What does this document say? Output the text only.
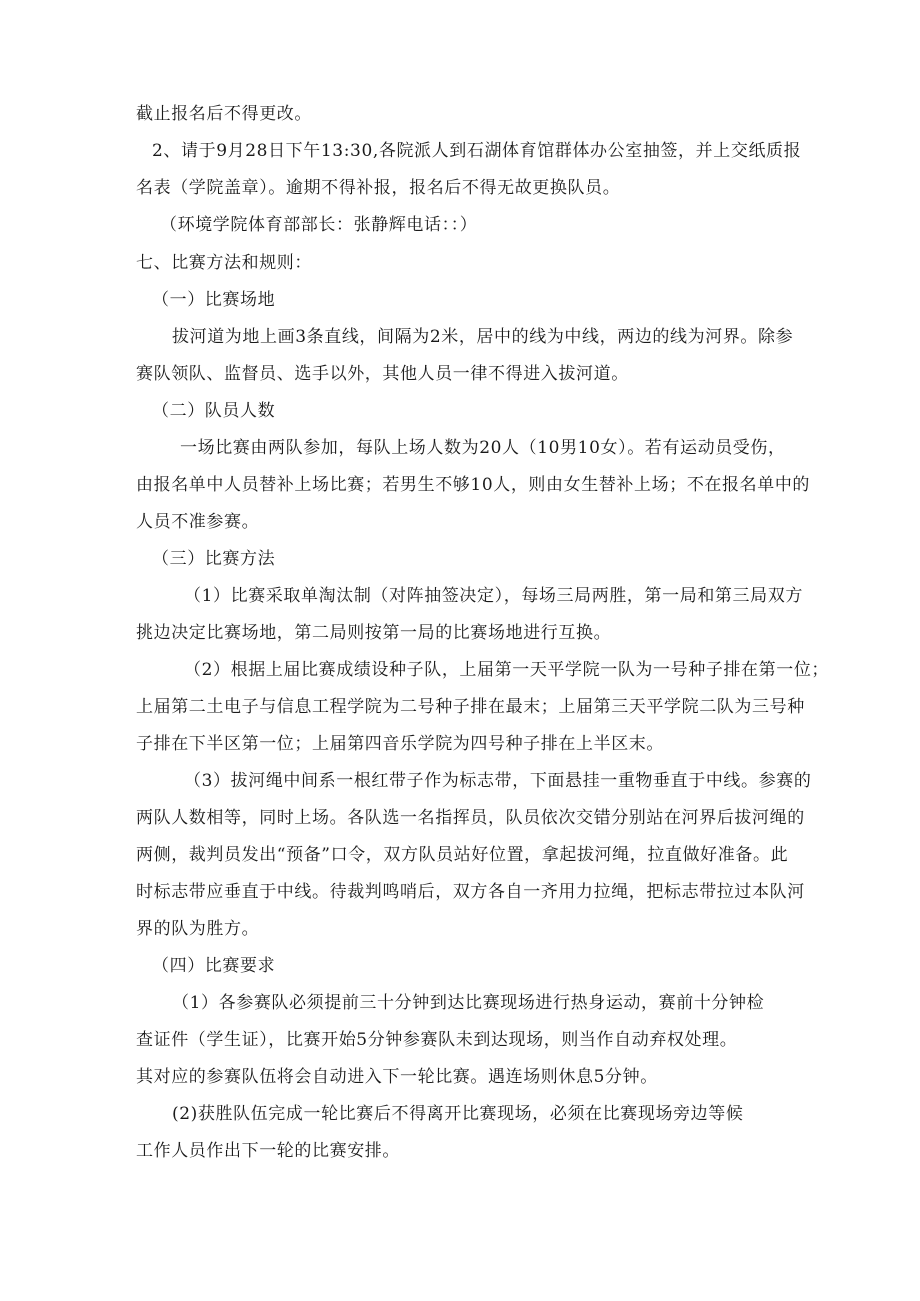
截止报名后不得更改。
2、请于9月28日下午13:30,各院派人到石湖体育馆群体办公室抽签，并上交纸质报
名表（学院盖章）。逾期不得补报，报名后不得无故更换队员。
（环境学院体育部部长：张静辉电话：：）
七、比赛方法和规则：
（一）比赛场地
拔河道为地上画3条直线，间隔为2米，居中的线为中线，两边的线为河界。除参
赛队领队、监督员、选手以外，其他人员一律不得进入拔河道。
（二）队员人数
一场比赛由两队参加，每队上场人数为20人（10男10女）。若有运动员受伤，
由报名单中人员替补上场比赛；若男生不够10人，则由女生替补上场；不在报名单中的
人员不准参赛。
（三）比赛方法
（1）比赛采取单淘汰制（对阵抽签决定），每场三局两胜，第一局和第三局双方
挑边决定比赛场地，第二局则按第一局的比赛场地进行互换。
（2）根据上届比赛成绩设种子队，上届第一天平学院一队为一号种子排在第一位；
上届第二土电子与信息工程学院为二号种子排在最末；上届第三天平学院二队为三号种
子排在下半区第一位；上届第四音乐学院为四号种子排在上半区末。
（3）拔河绳中间系一根红带子作为标志带，下面悬挂一重物垂直于中线。参赛的
两队人数相等，同时上场。各队选一名指挥员，队员依次交错分别站在河界后拔河绳的
两侧，裁判员发出“预备”口令，双方队员站好位置，拿起拔河绳，拉直做好准备。此
时标志带应垂直于中线。待裁判鸣哨后，双方各自一齐用力拉绳，把标志带拉过本队河
界的队为胜方。
（四）比赛要求
（1）各参赛队必须提前三十分钟到达比赛现场进行热身运动，赛前十分钟检
查证件（学生证），比赛开始5分钟参赛队未到达现场，则当作自动弃权处理。
其对应的参赛队伍将会自动进入下一轮比赛。遇连场则休息5分钟。
(2)获胜队伍完成一轮比赛后不得离开比赛现场，必须在比赛现场旁边等候
工作人员作出下一轮的比赛安排。
